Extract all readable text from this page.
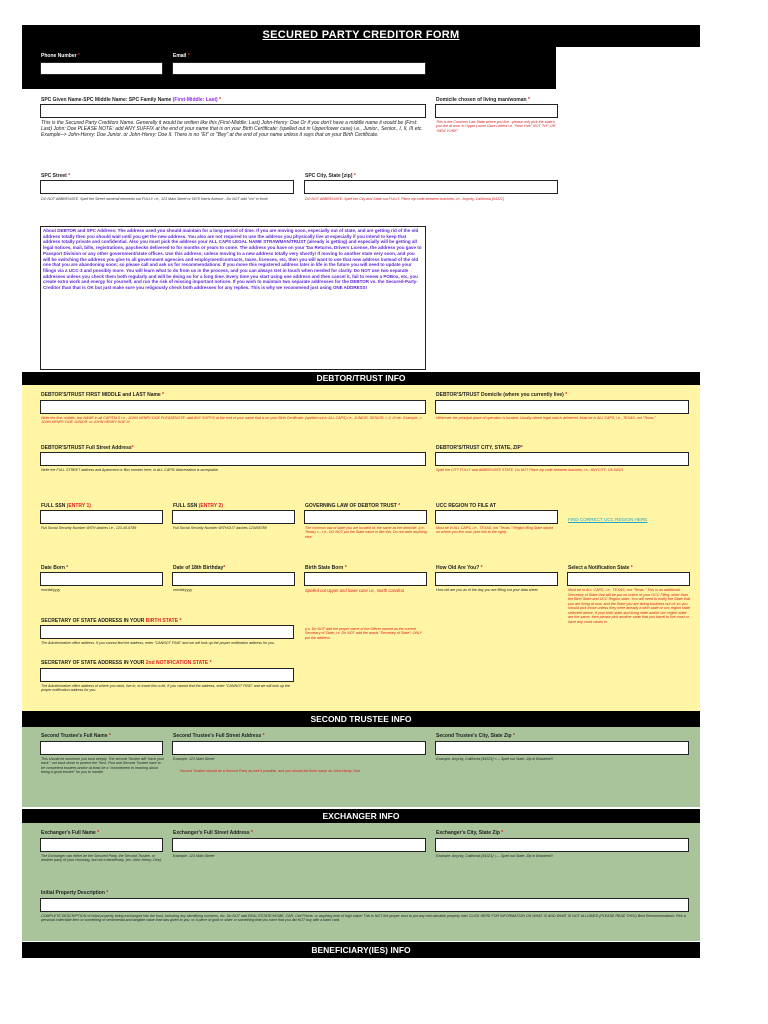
SECURED PARTY CREDITOR FORM
Phone Number *	Email *
SPC Given Name-SPC Middle Name: SPC Family Name (First-Middle: Last) *	Domicile chosen of living man/woman *
This is the Secured Party Creditors Name. Generally it would be written like this (First-Middle: Last) John-Henry: Doe Or if you don't have a middle name it would be (First: Last) John: Doe PLEASE NOTE: add ANY SUFFIX at the end of your name that is on your Birth Certificate: (spelled out in Upper/lower case) i.e., Junior., Senior., I, II, III etc. Example--> John-Henry: Doe Junior. or John-Henry: Doe II. There is no "Et" or "Bey" at the end of your name unless it says that on your Birth Certificate.
This is the Common Law State where you live - please only pick the state's you live at now, in Upper Lower Case Letters i.e. "New York" NOT "NY" OR "NEW YORK"
SPC Street *	SPC City, State [zip] *
DO NOT ABBREVIATE. Spell the Street name/all elements out FULLY. i.e., 123 Main Street or 5678 Harris Avenue - Do NOT add "c/o" in front!	DO NOT ABBREVIATE. Spell the City and State out FULLY. Place zip code between brackets, i.e., Anycity, California [54321]
About DEBTOR and SPC Address: The address used you should maintain for a long period of time. If you are moving soon, especially out of state, and are getting rid of the old address totally then you should wait until you get the new address. You also are not required to use the address you physically live at especially if you intend to keep that address totally private and confidential. Also you must pick the address your ALL CAPS LEGAL NAME STRAWMAN/TRUST (already is getting) and especially will be getting all legal notices, mail, bills, registrations, paychecks delivered to for months or years to come. The address you have on your Tax Returns, Drivers License, the address you gave to Passport Division or any other government/state offices. Use this address; unless moving to a new address totally very shortly! If moving to another state very soon, and you will be switching the address you give to all government agencies and employment/contracts, taxes, licenses, etc, then you will want to use that new address instead of the old one that you are abandoning soon; so please call and ask us for recommendations. If you move this registered address later in life in the future you will need to update your filings via a UCC-3 and possibly more. You will learn what to do from us in the process, and you can always Get in touch when needed for clarity. Do NOT use two separate addresses unless you check them both regularly and will be doing so for a long time. Every time you start using one address and then cancel it, fail to renew a POBox, etc, you create extra work and energy for yourself, and run the risk of missing important notices. If you wish to maintain two separate addresses for the DEBTOR vs. the Secured-Party-Creditor than that is OK but just make sure you religiously check both addresses for any replies. This is why we recommend just using ONE ADDRESS!
DEBTOR/TRUST INFO
DEBTOR'S/TRUST FIRST MIDDLE and LAST Name *	DEBTOR'S/TRUST Domicile (where you currently live) *
Write the first, middle, last NAME in all CAPITALS i.e., JOHN HENRY DOE PLEASENOTE: add ANY SUFFIX at the end of your name that is on your Birth Certificate: (spelled out in ALL CAPS) i.e., JUNIOR, SENIOR, I, II, III etc. Example--> JOHN HENRY DOE JUNIOR. or JOHN HENRY DOE III
Wherever the principal place of operation is located. Usually where legal mail is delivered. Must be in ALL CAPS, i.e., TEXAS, not "Texas."
DEBTOR'S/TRUST Full Street Address*	DEBTOR'S/TRUST CITY, STATE, ZIP*
Write the FULL STREET address and Apartment or Box number here, in ALL CAPS! Abbreviation is acceptable.	Spell the CITY FULLY and ABBREVIATE STATE. Do NOT Place zip code between brackets, i.e., ANYCITY, CA 54321
FULL SSN (ENTRY 1)	FULL SSN (ENTRY 2)	GOVERNING LAW OF DEBTOR TRUST *	UCC REGION TO FILE AT
FIND CORRECT UCC REGION HERE
Full Social Security Number WITH dashes i.e., 123-45-6789	Full Social Security Number WITHOUT dashes 123456789	The common law of state you are located at; the same as the domicile. (i.e., Texas) <-- i.e., DO NOT put the State name in like this. Do not write anything else.
Must be in ALL CAPS, i.e., TEXAS, not "Texas." Region filing State based on where you live now. (see link to the right)
Date Born *	Date of 18th Birthday*	Birth State Born *	How Old Are You? *	Select a Notification State *
mm/dd/yyyy	mm/dd/yyyy	Spelled out Upper and lower case i.e., North Carolina	How old are you as of the day you are filling out your data sheet.	Must be in ALL CAPS, i.e., TEXAS, not "Texas." This is an additional Secretary of State that will be put on notice of your UCC Filing, other than the Birth State and UCC Region state. You will need to notify the State that you are living at now, and the State you are doing business out of; so you should pick those unless they were already a birth state or ucc region state selected above. If your birth state and living state and/or ucc region state are the same, then please pick another state that you travel to live most or have any court cases in.
SECRETARY OF STATE ADDRESS IN YOUR BIRTH STATE *
The Administrative office address. If you cannot find the address, enter "CANNOT FIND" and we will look up the proper notification address for you.
p.s. Do NOT add the proper name of the Officer named as the current Secretary of State; i.e. Do NOT add the words "Secretary of State"; ONLY put the address.
SECRETARY OF STATE ADDRESS IN YOUR 2nd NOTIFICATION STATE *
The Administrative office address of where you work, live in, or travel thru a lot. If you cannot find the address, enter "CANNOT FIND" and we will look up the proper notification address for you.
SECOND TRUSTEE INFO
Second Trustee's Full Name *	Second Trustee's Full Street Address *	Second Trustee's City, State Zip *
This should be someone you trust deeply. The second Trustee will "have your back", not back down to protect the Trust. First and Second Trustee have to be competent trustees and/or at least be a "commitment to learning about being a good trustee" for you to handle.
Example: 123 Main Street
Second Trustee should be a Second Party as well if possible, and you should list there name as John-Henry: Doe
Example: Anycity, California [54321] <--- Spell out State, Zip in Brackets!!!
EXCHANGER INFO
Exchanger's Full Name *	Exchanger's Full Street Address *	Exchanger's City, State Zip *
The Exchanger can either be the Secured Party, the Second Trustee, or another party of your choosing, but not a beneficiary. (ex: John-Henry: Doe).
Example: 123 Main Street	Example: Anycity, California [54321] <--- Spell out State, Zip in Brackets!!!
Initial Property Description *
COMPLETE DESCRIPTION of initial property being exchanged into the trust, including any identifying numbers, etc. Do NOT add REAL ESTATE/HOME, CAR, Cell Phone, or anything else of high value! This is NOT the proper trust to put any real valuable property into! CLICK HERE FOR INFORMATION ON WHAT IS AND WHAT IS NOT ALLOWED (PLEASE READ THIS!) Best Recommendation: Pick a personal collectible item or something of sentimental and tangible value that was given to you, or a piece of gold or silver or something that you have that you did NOT buy with a bank card.
BENEFICIARY(IES) INFO
